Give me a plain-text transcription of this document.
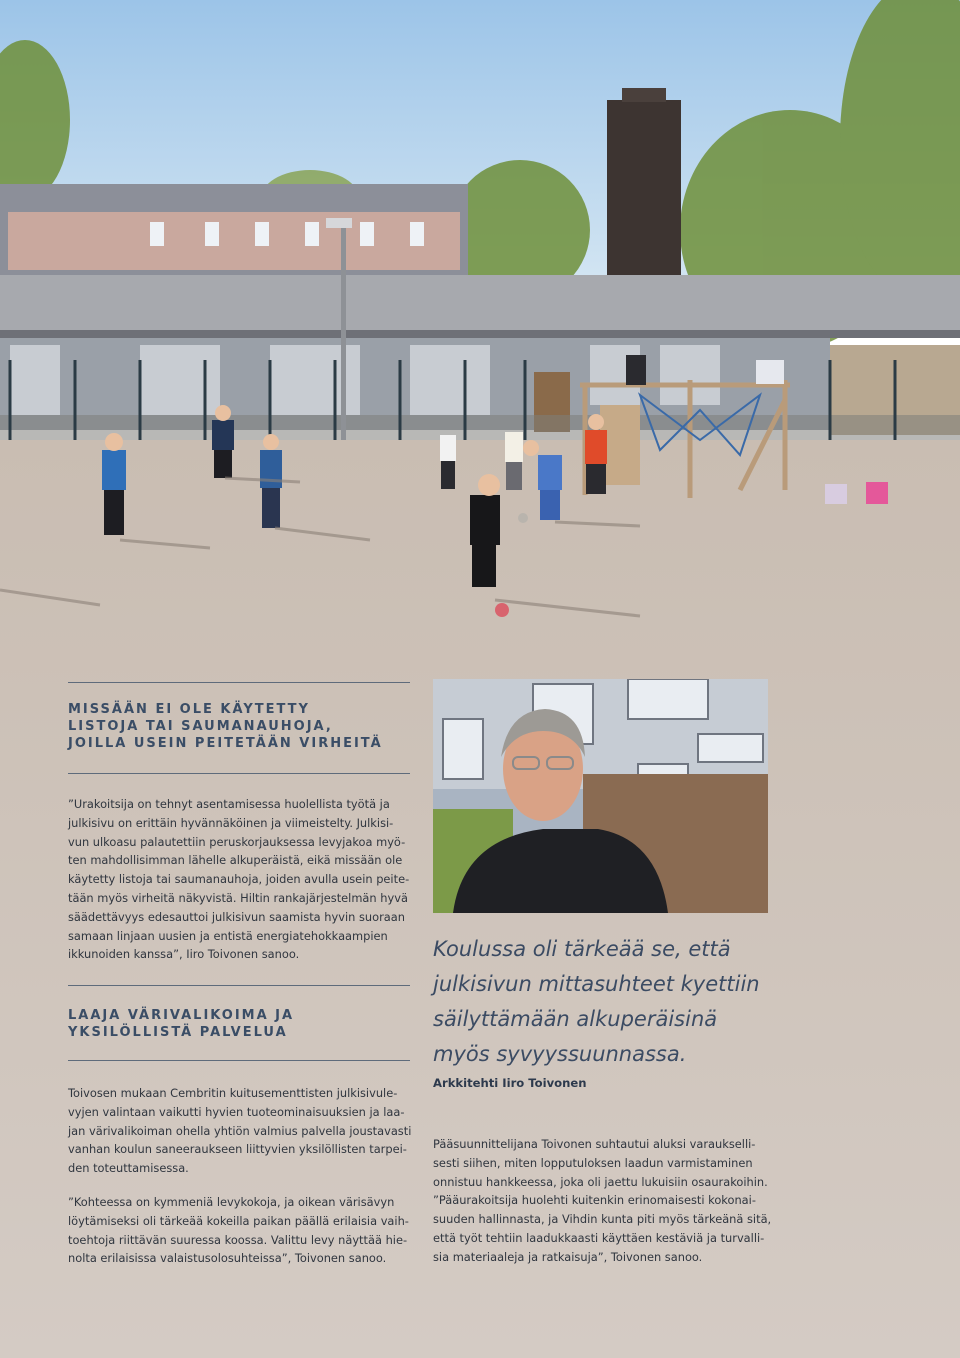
MISSÄÄN EI OLE KÄYTETTY
LISTOJA TAI SAUMANAUHOJA,
JOILLA USEIN PEITETÄÄN VIRHEITÄ

”Urakoitsija on tehnyt asentamisessa huolellista työtä ja
julkisivu on erittäin hyvännäköinen ja viimeistelty. Julkisi-
vun ulkoasu palautettiin peruskorjauksessa levyjakoa myö-
ten mahdollisimman lähelle alkuperäistä, eikä missään ole
käytetty listoja tai saumanauhoja, joiden avulla usein peite-
tään myös virheitä näkyvistä. Hiltin rankajärjestelmän hyvä
säädettävyys edesauttoi julkisivun saamista hyvin suoraan
samaan linjaan uusien ja entistä energiatehokkaampien
ikkunoiden kanssa”, Iiro Toivonen sanoo.

LAAJA VÄRIVALIKOIMA JA
YKSILÖLLISTÄ PALVELUA

Toivosen mukaan Cembritin kuitusementtisten julkisivule-
vyjen valintaan vaikutti hyvien tuoteominaisuuksien ja laa-
jan värivalikoiman ohella yhtiön valmius palvella joustavasti
vanhan koulun saneeraukseen liittyvien yksilöllisten tarpei-
den toteuttamisessa.

”Kohteessa on kymmeniä levykokoja, ja oikean värisävyn
löytämiseksi oli tärkeää kokeilla paikan päällä erilaisia vaih-
toehtoja riittävän suuressa koossa. Valittu levy näyttää hie-
nolta erilaisissa valaistusolosuhteissa”, Toivonen sanoo.

Koulussa oli tärkeää se, että
julkisivun mittasuhteet kyettiin
säilyttämään alkuperäisinä
myös syvyyssuunnassa.

Arkkitehti Iiro Toivonen

Pääsuunnittelijana Toivonen suhtautui aluksi varaukselli-
sesti siihen, miten lopputuloksen laadun varmistaminen
onnistuu hankkeessa, joka oli jaettu lukuisiin osaurakoihin.
”Pääurakoitsija huolehti kuitenkin erinomaisesti kokonai-
suuden hallinnasta, ja Vihdin kunta piti myös tärkeänä sitä,
että työt tehtiin laadukkaasti käyttäen kestäviä ja turvalli-
sia materiaaleja ja ratkaisuja”, Toivonen sanoo.
